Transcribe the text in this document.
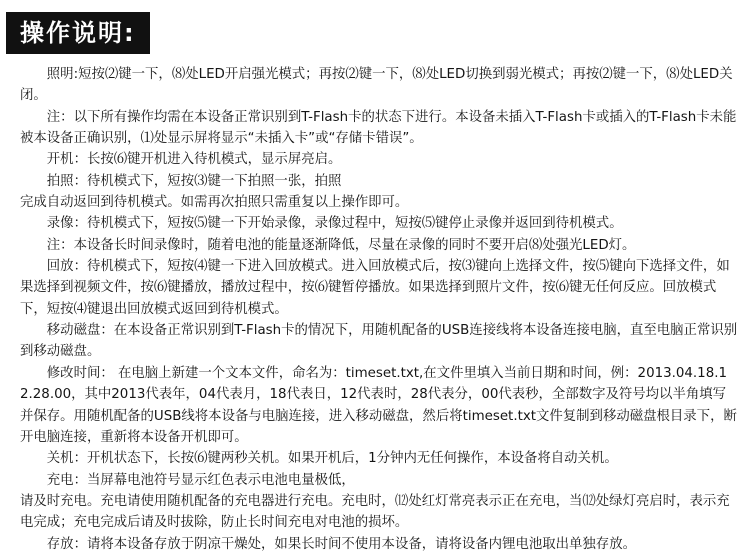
操作说明:

照明:短按⑵键一下，⑻处LED开启强光模式；再按⑵键一下，⑻处LED切换到弱光模式；再按⑵键一下，⑻处LED关闭。

注：以下所有操作均需在本设备正常识别到T-Flash卡的状态下进行。本设备未插入T-Flash卡或插入的T-Flash卡未能被本设备正确识别，⑴处显示屏将显示“未插入卡”或“存储卡错误”。

开机：长按⑹键开机进入待机模式，显示屏亮启。

拍照：待机模式下，短按⑶键一下拍照一张，拍照

完成自动返回到待机模式。如需再次拍照只需重复以上操作即可。

录像：待机模式下，短按⑸键一下开始录像，录像过程中，短按⑸键停止录像并返回到待机模式。

注：本设备长时间录像时，随着电池的能量逐渐降低，尽量在录像的同时不要开启⑻处强光LED灯。

回放：待机模式下，短按⑷键一下进入回放模式。进入回放模式后，按⑶键向上选择文件，按⑸键向下选择文件，如果选择到视频文件，按⑹键播放，播放过程中，按⑹键暂停播放。如果选择到照片文件，按⑹键无任何反应。回放模式下，短按⑷键退出回放模式返回到待机模式。

移动磁盘：在本设备正常识别到T-Flash卡的情况下，用随机配备的USB连接线将本设备连接电脑，直至电脑正常识别到移动磁盘。

修改时间： 在电脑上新建一个文本文件，命名为：timeset.txt,在文件里填入当前日期和时间，例：2013.04.18.12.28.00，其中2013代表年，04代表月，18代表日，12代表时，28代表分，00代表秒，全部数字及符号均以半角填写并保存。用随机配备的USB线将本设备与电脑连接，进入移动磁盘，然后将timeset.txt文件复制到移动磁盘根目录下，断开电脑连接，重新将本设备开机即可。

关机：开机状态下，长按⑹键两秒关机。如果开机后，1分钟内无任何操作，本设备将自动关机。

充电：当屏幕电池符号显示红色表示电池电量极低，

请及时充电。充电请使用随机配备的充电器进行充电。充电时，⑿处红灯常亮表示正在充电，当⑿处绿灯亮启时，表示充电完成；充电完成后请及时拔除，防止长时间充电对电池的损坏。

存放：请将本设备存放于阴凉干燥处，如果长时间不使用本设备，请将设备内锂电池取出单独存放。
